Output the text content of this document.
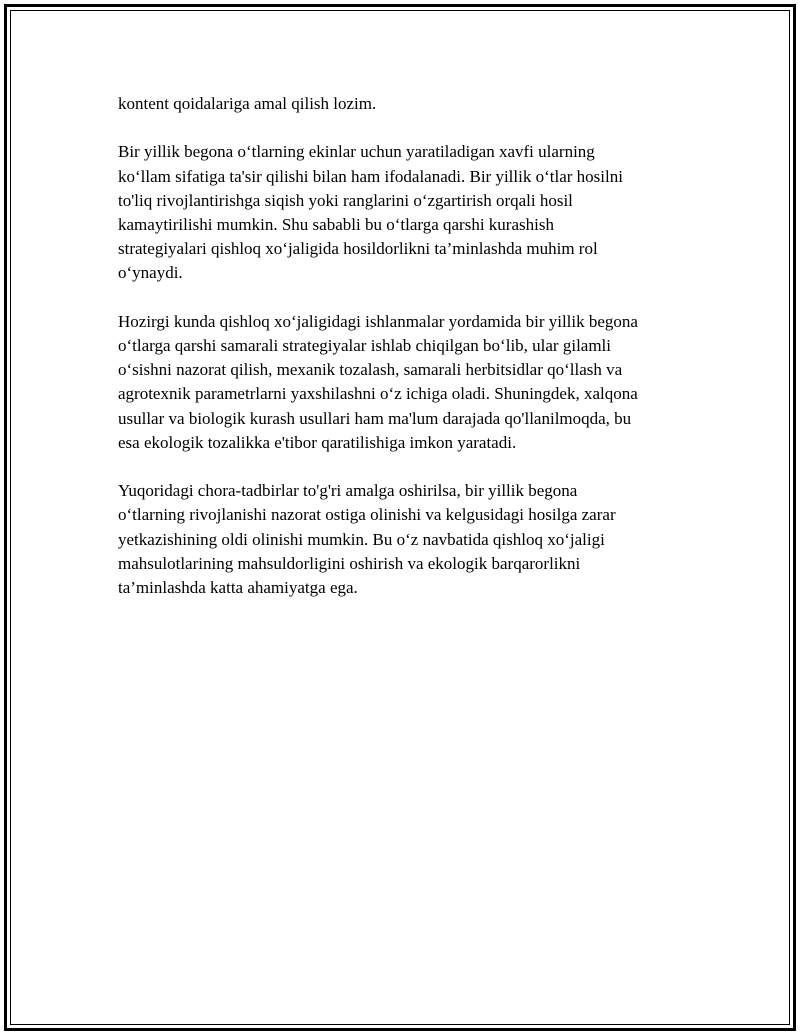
kontent qoidalariga amal qilish lozim.

Bir yillik begona o‘tlarning ekinlar uchun yaratiladigan xavfi ularning
ko‘llam sifatiga ta'sir qilishi bilan ham ifodalanadi. Bir yillik o‘tlar hosilni
to'liq rivojlantirishga siqish yoki ranglarini o‘zgartirish orqali hosil
kamaytirilishi mumkin. Shu sababli bu o‘tlarga qarshi kurashish
strategiyalari qishloq xo‘jaligida hosildorlikni ta’minlashda muhim rol
o‘ynaydi.

Hozirgi kunda qishloq xo‘jaligidagi ishlanmalar yordamida bir yillik begona
o‘tlarga qarshi samarali strategiyalar ishlab chiqilgan bo‘lib, ular gilamli
o‘sishni nazorat qilish, mexanik tozalash, samarali herbitsidlar qo‘llash va
agrotexnik parametrlarni yaxshilashni o‘z ichiga oladi. Shuningdek, xalqona
usullar va biologik kurash usullari ham ma'lum darajada qo'llanilmoqda, bu
esa ekologik tozalikka e'tibor qaratilishiga imkon yaratadi.

Yuqoridagi chora-tadbirlar to'g'ri amalga oshirilsa, bir yillik begona
o‘tlarning rivojlanishi nazorat ostiga olinishi va kelgusidagi hosilga zarar
yetkazishining oldi olinishi mumkin. Bu o‘z navbatida qishloq xo‘jaligi
mahsulotlarining mahsuldorligini oshirish va ekologik barqarorlikni
ta’minlashda katta ahamiyatga ega.
